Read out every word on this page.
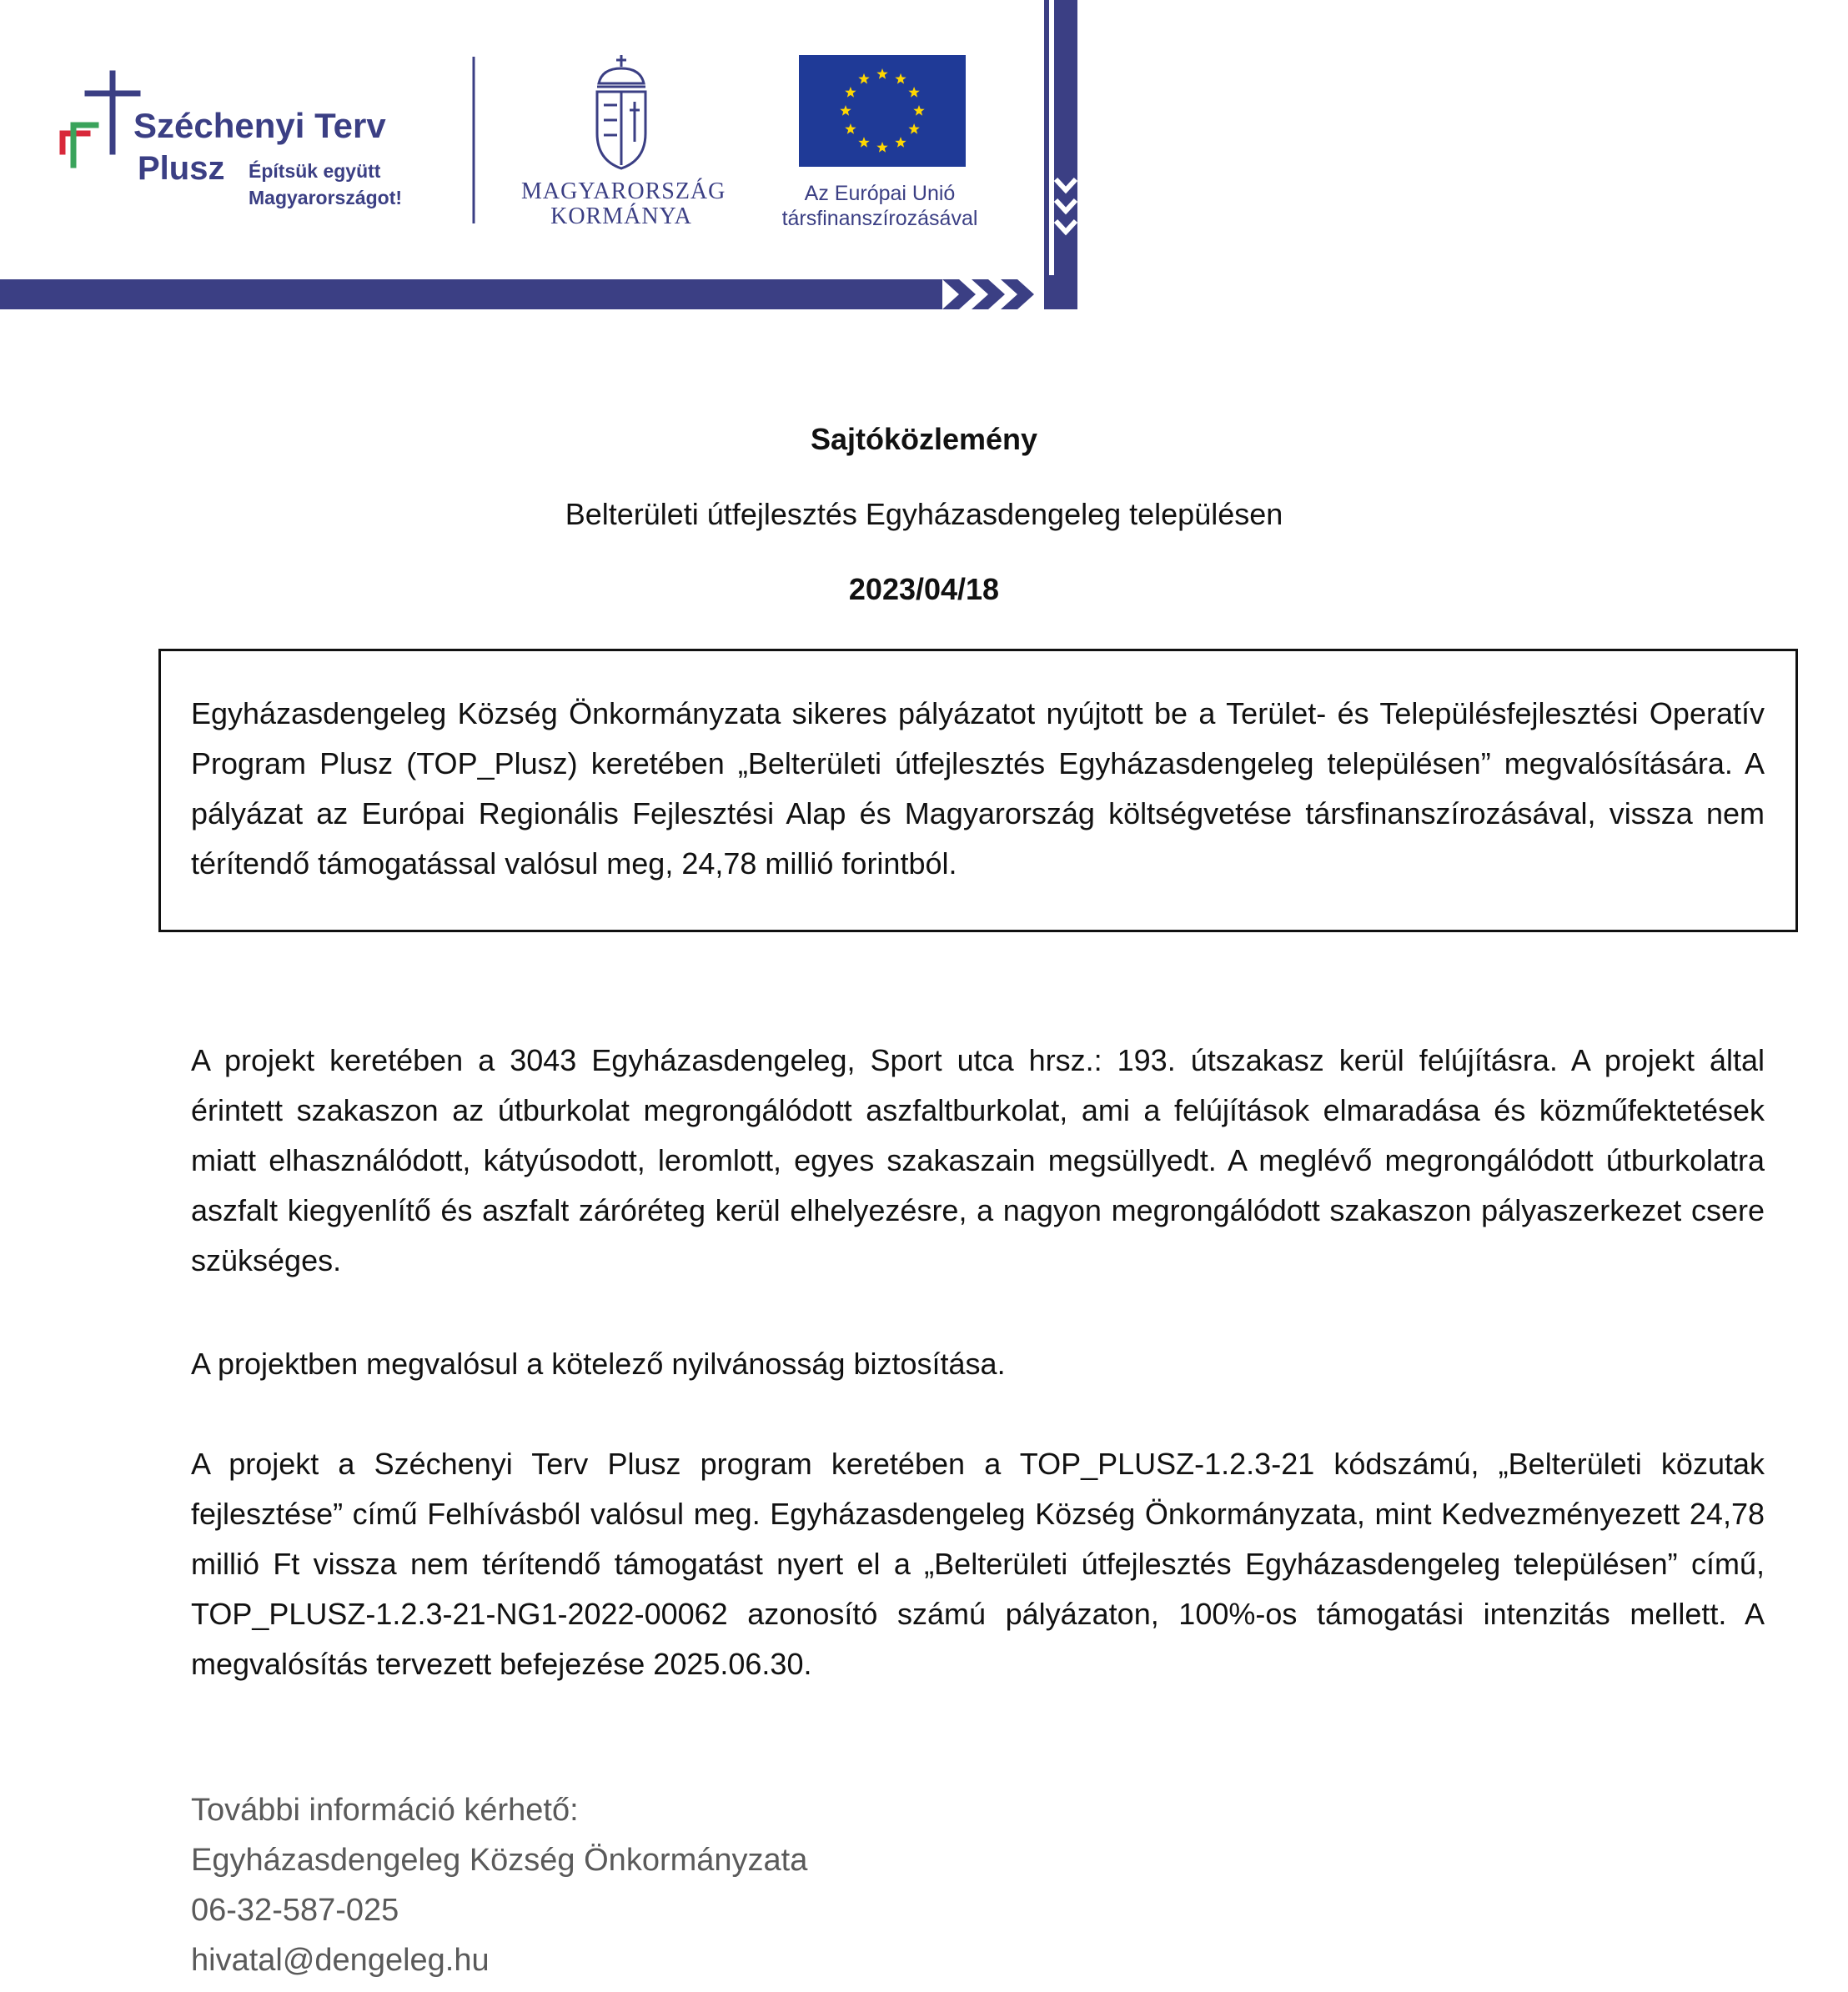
Széchenyi Terv
Plusz Építsük együtt
Magyarországot!	MAGYARORSZÁG
KORMÁNYA
Az Európai Unió
társfinanszírozásával
Sajtóközlemény
Belterületi útfejlesztés Egyházasdengeleg településen
2023/04/18

Egyházasdengeleg Község Önkormányzata sikeres pályázatot nyújtott be a Terület- és Településfejlesztési Operatív Program Plusz (TOP_Plusz) keretében „Belterületi útfejlesztés Egyházasdengeleg településen” megvalósítására. A pályázat az Európai Regionális Fejlesztési Alap és Magyarország költségvetése társfinanszírozásával, vissza nem térítendő támogatással valósul meg, 24,78 millió forintból.

A projekt keretében a 3043 Egyházasdengeleg, Sport utca hrsz.: 193. útszakasz kerül felújításra. A projekt által érintett szakaszon az útburkolat megrongálódott aszfaltburkolat, ami a felújítások elmaradása és közműfektetések miatt elhasználódott, kátyúsodott, leromlott, egyes szakaszain megsüllyedt. A meglévő megrongálódott útburkolatra aszfalt kiegyenlítő és aszfalt záróréteg kerül elhelyezésre, a nagyon megrongálódott szakaszon pályaszerkezet csere szükséges.

A projektben megvalósul a kötelező nyilvánosság biztosítása.

A projekt a Széchenyi Terv Plusz program keretében a TOP_PLUSZ-1.2.3-21 kódszámú, „Belterületi közutak fejlesztése” című Felhívásból valósul meg. Egyházasdengeleg Község Önkormányzata, mint Kedvezményezett 24,78 millió Ft vissza nem térítendő támogatást nyert el a „Belterületi útfejlesztés Egyházasdengeleg településen” című, TOP_PLUSZ-1.2.3-21-NG1-2022-00062 azonosító számú pályázaton, 100%-os támogatási intenzitás mellett. A megvalósítás tervezett befejezése 2025.06.30.

További információ kérhető:
Egyházasdengeleg Község Önkormányzata
06-32-587-025
hivatal@dengeleg.hu
